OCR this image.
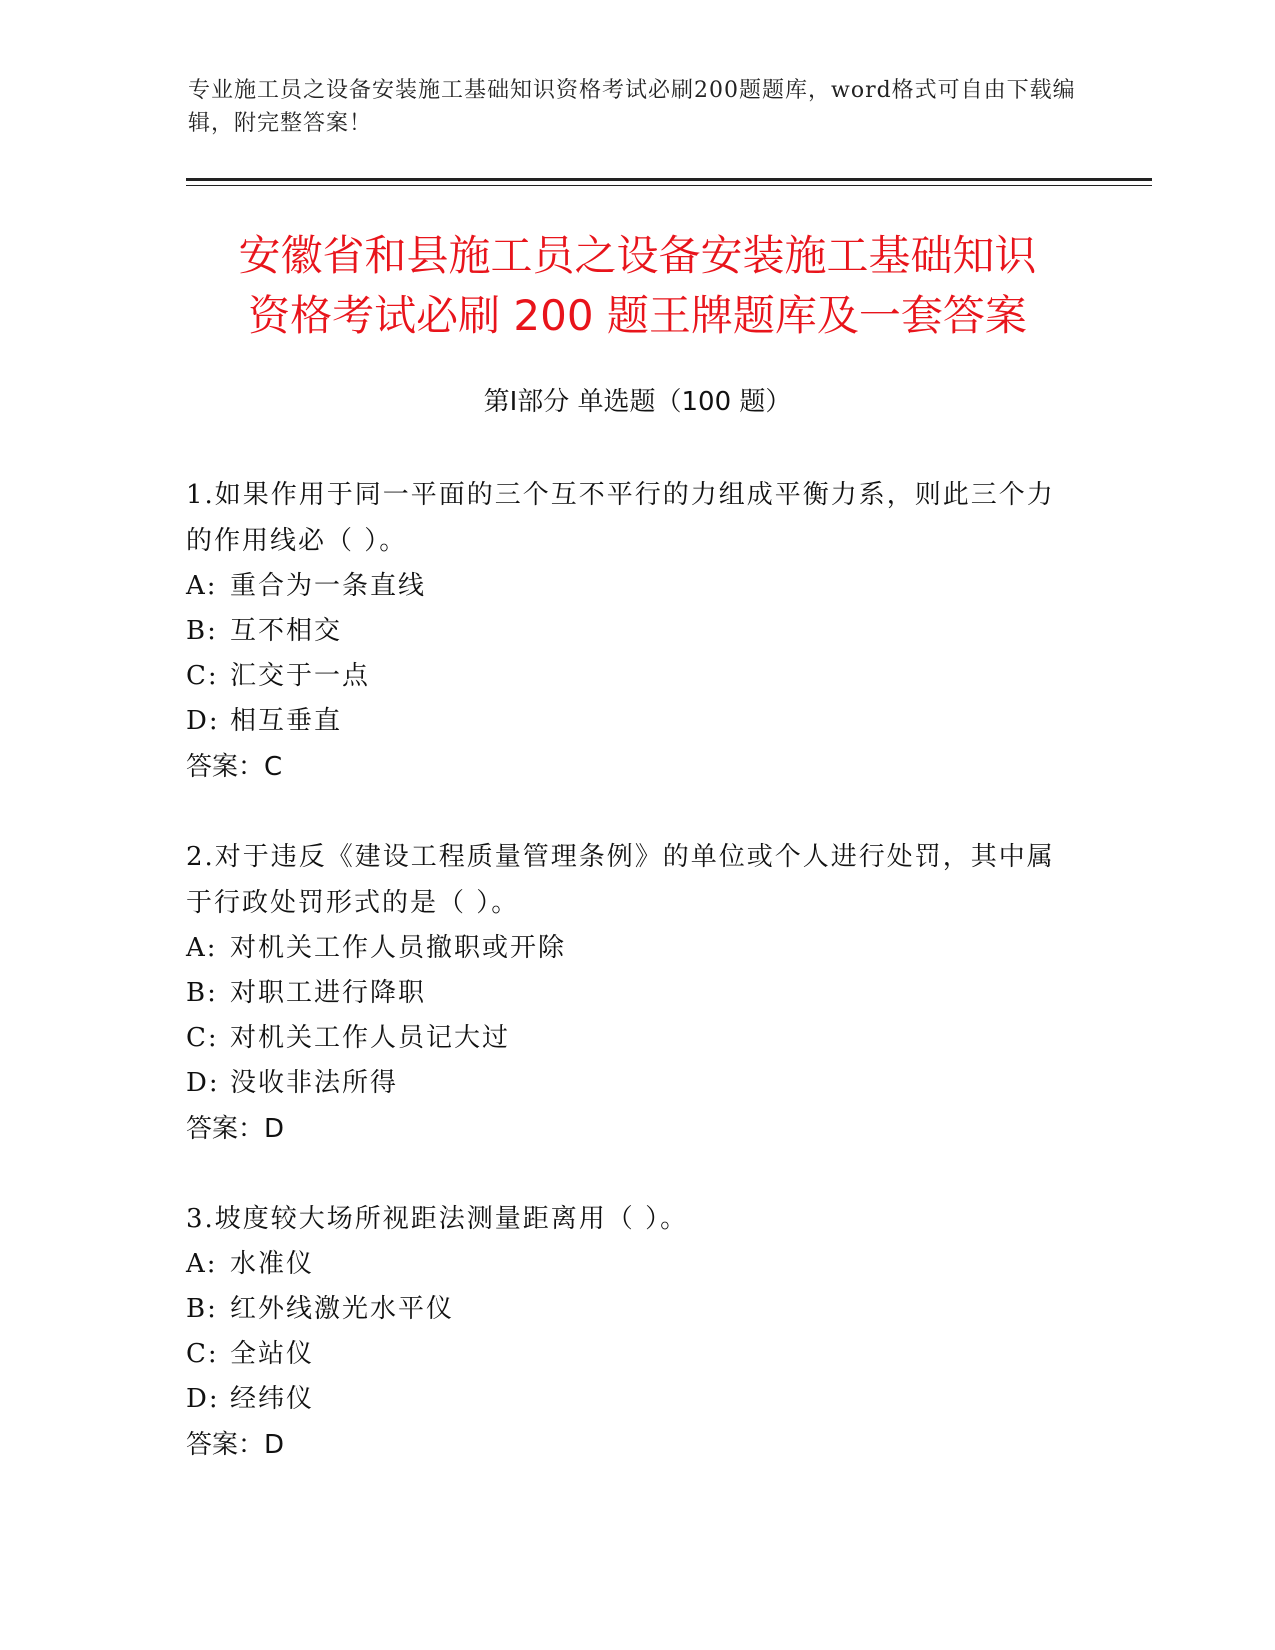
专业施工员之设备安装施工基础知识资格考试必刷200题题库，word格式可自由下载编辑，附完整答案！
安徽省和县施工员之设备安装施工基础知识
资格考试必刷 200 题王牌题库及一套答案
第Ⅰ部分 单选题（100 题）
1.如果作用于同一平面的三个互不平行的力组成平衡力系，则此三个力的作用线必（ ）。
A: 重合为一条直线
B: 互不相交
C: 汇交于一点
D: 相互垂直
答案：C
2.对于违反《建设工程质量管理条例》的单位或个人进行处罚，其中属于行政处罚形式的是（ ）。
A: 对机关工作人员撤职或开除
B: 对职工进行降职
C: 对机关工作人员记大过
D: 没收非法所得
答案：D
3.坡度较大场所视距法测量距离用（ ）。
A: 水准仪
B: 红外线激光水平仪
C: 全站仪
D: 经纬仪
答案：D
